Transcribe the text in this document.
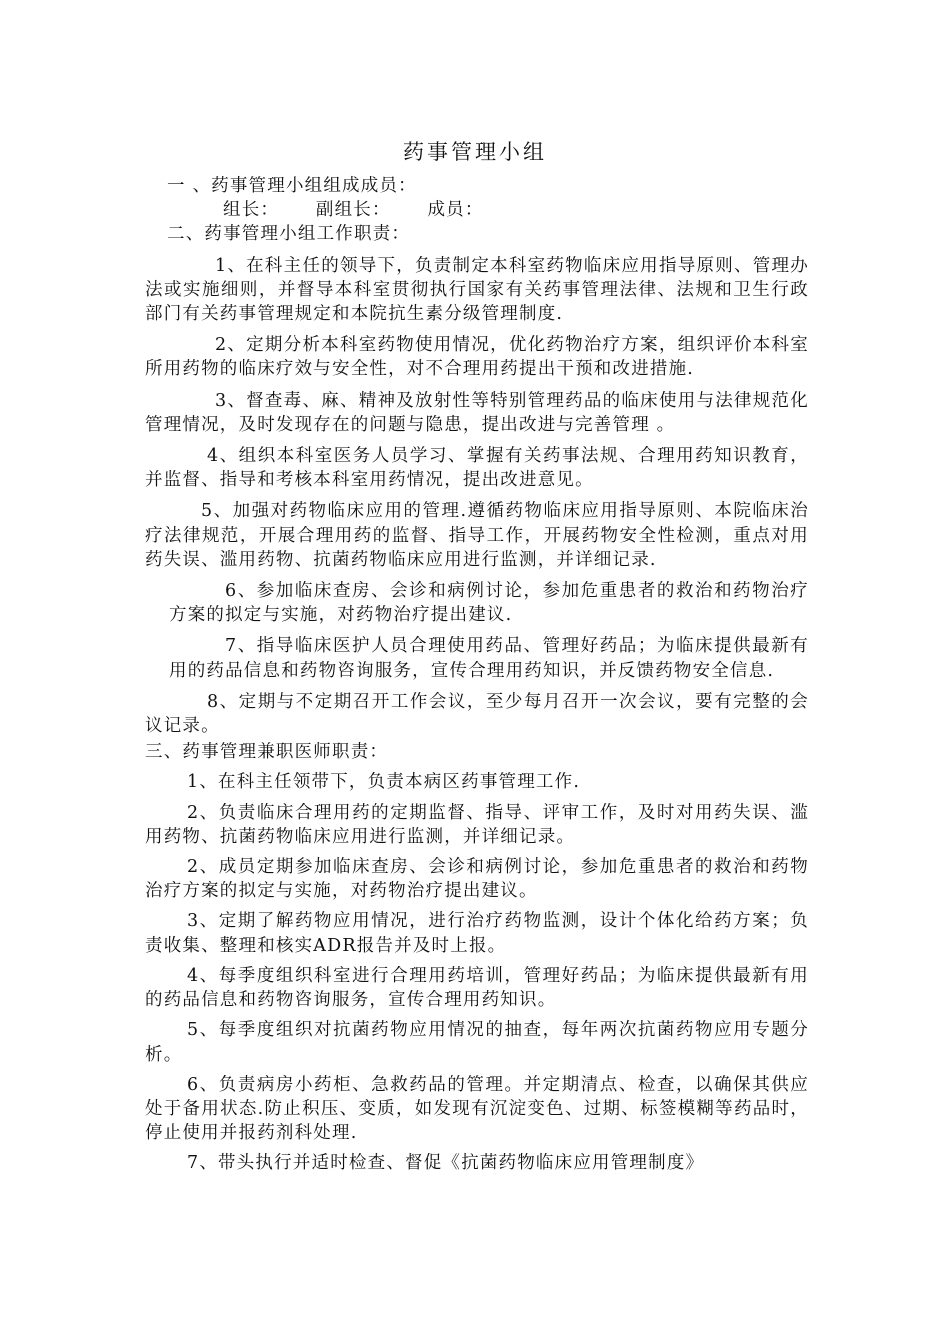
药事管理小组

一 、药事管理小组组成成员：

组长： 副组长： 成员：

二、药事管理小组工作职责：

1、在科主任的领导下，负责制定本科室药物临床应用指导原则、管理办法或实施细则，并督导本科室贯彻执行国家有关药事管理法律、法规和卫生行政部门有关药事管理规定和本院抗生素分级管理制度.

2、定期分析本科室药物使用情况，优化药物治疗方案，组织评价本科室所用药物的临床疗效与安全性，对不合理用药提出干预和改进措施.

3、督查毒、麻、精神及放射性等特别管理药品的临床使用与法律规范化管理情况，及时发现存在的问题与隐患，提出改进与完善管理 。

4、组织本科室医务人员学习、掌握有关药事法规、合理用药知识教育，并监督、指导和考核本科室用药情况，提出改进意见。

5、加强对药物临床应用的管理.遵循药物临床应用指导原则、本院临床治疗法律规范，开展合理用药的监督、指导工作，开展药物安全性检测，重点对用药失误、滥用药物、抗菌药物临床应用进行监测，并详细记录.

6、参加临床查房、会诊和病例讨论，参加危重患者的救治和药物治疗方案的拟定与实施，对药物治疗提出建议.

7、指导临床医护人员合理使用药品、管理好药品；为临床提供最新有用的药品信息和药物咨询服务，宣传合理用药知识，并反馈药物安全信息.

8、定期与不定期召开工作会议，至少每月召开一次会议，要有完整的会议记录。

三、药事管理兼职医师职责：

1、在科主任领带下，负责本病区药事管理工作.

2、负责临床合理用药的定期监督、指导、评审工作，及时对用药失误、滥用药物、抗菌药物临床应用进行监测，并详细记录。

2、成员定期参加临床查房、会诊和病例讨论，参加危重患者的救治和药物治疗方案的拟定与实施，对药物治疗提出建议。

3、定期了解药物应用情况，进行治疗药物监测，设计个体化给药方案；负责收集、整理和核实ADR报告并及时上报。

4、每季度组织科室进行合理用药培训，管理好药品；为临床提供最新有用的药品信息和药物咨询服务，宣传合理用药知识。

5、每季度组织对抗菌药物应用情况的抽查，每年两次抗菌药物应用专题分析。

6、负责病房小药柜、急救药品的管理。并定期清点、检查，以确保其供应处于备用状态.防止积压、变质，如发现有沉淀变色、过期、标签模糊等药品时，停止使用并报药剂科处理.

7、带头执行并适时检查、督促《抗菌药物临床应用管理制度》
